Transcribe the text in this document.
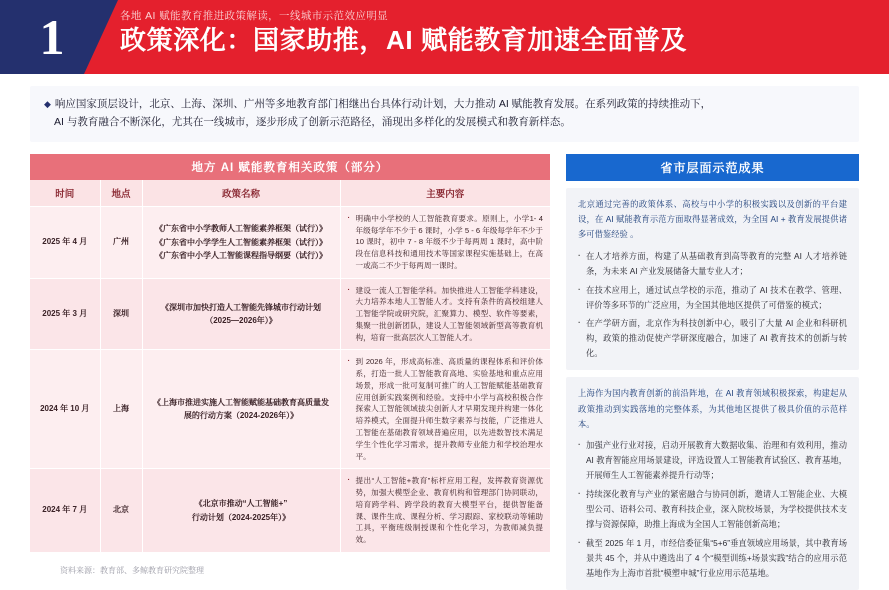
1	各地 AI 赋能教育推进政策解读，一线城市示范效应明显
政策深化：国家助推，AI 赋能教育加速全面普及

◆ 响应国家顶层设计，北京、上海、深圳、广州等多地教育部门相继出台具体行动计划，大力推动 AI 赋能教育发展。在系列政策的持续推动下，

AI 与教育融合不断深化，尤其在一线城市，逐步形成了创新示范路径，涌现出多样化的发展模式和教育新样态。

地方 AI 赋能教育相关政策（部分）
时间	地点	政策名称	主要内容
2025 年 4 月	广州	《广东省中小学教师人工智能素养框架（试行）》
《广东省中小学学生人工智能素养框架（试行）》
《广东省中小学人工智能课程指导纲要（试行）》	· 明确中小学校的人工智能教育要求。原则上，小学1- 4年级每学年不少于 6 课时，小学 5 - 6 年级每学年不少于 10 课时，初中 7 - 8 年级不少于每两周 1 课时，高中阶段在信息科技和通用技术等国家课程实施基础上，在高一或高二不少于每两周一课时。

2025 年 3 月	深圳	《深圳市加快打造人工智能先锋城市行动计划
（2025—2026年）》	· 建设一流人工智能学科。加快推进人工智能学科建设，大力培养本地人工智能人才。支持有条件的高校组建人工智能学院或研究院，汇聚算力、模型、软件等要素，集聚一批创新团队，建设人工智能领域新型高等教育机构，培育一批高层次人工智能人才。

2024 年 10 月	上海	《上海市推进实施人工智能赋能基础教育高质量发
展的行动方案（2024-2026年）》	· 到 2026 年，形成高标准、高质量的课程体系和评价体系，打造一批人工智能教育高地、实验基地和重点应用场景，形成一批可复制可推广的人工智能赋能基础教育应用创新实践案例和经验。支持中小学与高校积极合作探索人工智能领域拔尖创新人才早期发现并构建一体化培养模式，全面提升师生数字素养与技能，广泛推进人工智能在基础教育领域普遍应用，以先进数智技术满足学生个性化学习需求，提升教师专业能力和学校治理水平。

2024 年 7 月	北京	《北京市推动“人工智能+”
行动计划（2024-2025年）》	· 提出“人工智能+教育”标杆应用工程，发挥教育资源优势，加强大模型企业、教育机构和管理部门协同联动，培育跨学科、跨学段的教育大模型平台，提供智能备课、课件生成、课程分析、学习跟踪、家校联动等辅助工具，平衡班级制授课和个性化学习，为教师减负提效。
资料来源：教育部、多鲸教育研究院整理
省市层面示范成果

北京通过完善的政策体系、高校与中小学的积极实践以及创新的平台建设，在 AI 赋能教育示范方面取得显著成效，为全国 AI + 教育发展提供诸多可借鉴经验 。

· 在人才培养方面，构建了从基础教育到高等教育的完整 AI 人才培养链条，为未来 AI 产业发展储备大量专业人才；
· 在技术应用上，通过试点学校的示范，推动了 AI 技术在教学、管理、评价等多环节的广泛应用，为全国其他地区提供了可借鉴的模式；
· 在产学研方面，北京作为科技创新中心，吸引了大量 AI 企业和科研机构，政策的推动促使产学研深度融合，加速了 AI 教育技术的创新与转化。

上海作为国内教育创新的前沿阵地，在 AI 教育领域积极探索，构建起从政策推动到实践落地的完整体系，为其他地区提供了极具价值的示范样本。

· 加强产业行业对接，启动开展教育大数据收集、治理和有效利用，推动 AI 教育智能应用场景建设，评选设置人工智能教育试验区、教育基地，开展师生人工智能素养提升行动等；
· 持续深化教育与产业的紧密融合与协同创新，邀请人工智能企业、大模型公司、语料公司、教育科技企业，深入院校场景，为学校提供技术支撑与资源保障，助推上海成为全国人工智能创新高地；
· 截至 2025 年 1 月，市经信委征集“5+6”垂直领域应用场景，其中教育场景共 45 个，并从中遴选出了 4 个“模型训练+场景实践”结合的应用示范基地作为上海市首批“模塑申城”行业应用示范基地。
